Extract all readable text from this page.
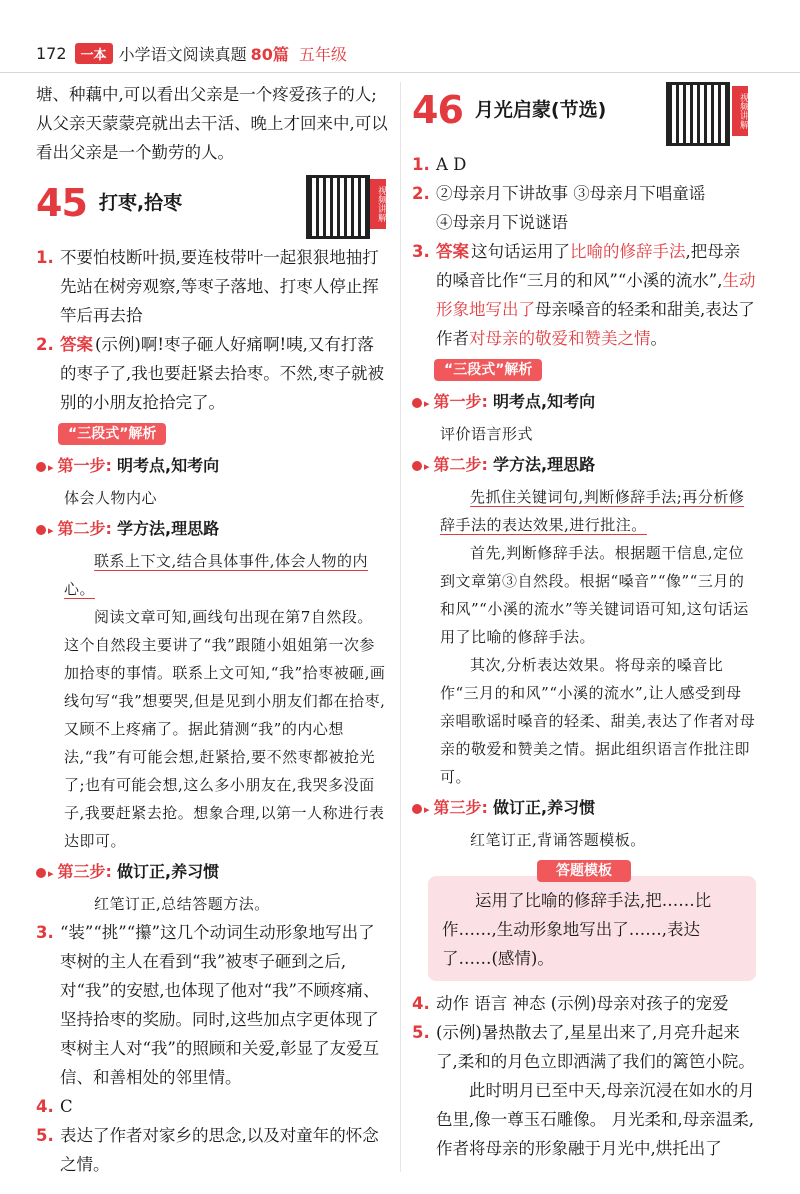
172	一本 小学语文阅读真题 80篇 五年级

塘、种藕中,可以看出父亲是一个疼爱孩子的人;从父亲天蒙蒙亮就出去干活、晚上才回来中,可以看出父亲是一个勤劳的人。

45 打枣,拾枣	视频讲解
1. 不要怕枝断叶损,要连枝带叶一起狠狠地抽打 先站在树旁观察,等枣子落地、打枣人停止挥竿后再去拾
2. 答案 (示例)啊!枣子砸人好痛啊!咦,又有打落的枣子了,我也要赶紧去拾枣。不然,枣子就被别的小朋友抢拾完了。
“三段式”解析
▸ 第一步: 明考点,知考向
体会人物内心
▸ 第二步: 学方法,理思路
联系上下文,结合具体事件,体会人物的内心。
阅读文章可知,画线句出现在第7自然段。这个自然段主要讲了“我”跟随小姐姐第一次参加拾枣的事情。联系上文可知,“我”拾枣被砸,画线句写“我”想要哭,但是见到小朋友们都在拾枣,又顾不上疼痛了。据此猜测“我”的内心想法,“我”有可能会想,赶紧拾,要不然枣都被抢光了;也有可能会想,这么多小朋友在,我哭多没面子,我要赶紧去抢。想象合理,以第一人称进行表达即可。
▸ 第三步: 做订正,养习惯
红笔订正,总结答题方法。
3. “装”“挑”“攥”这几个动词生动形象地写出了枣树的主人在看到“我”被枣子砸到之后,对“我”的安慰,也体现了他对“我”不顾疼痛、坚持拾枣的奖励。同时,这些加点字更体现了枣树主人对“我”的照顾和关爱,彰显了友爱互信、和善相处的邻里情。
4. C
5. 表达了作者对家乡的思念,以及对童年的怀念之情。
46 月光启蒙(节选)	视频讲解
1. A D
2. ②母亲月下讲故事 ③母亲月下唱童谣
④母亲月下说谜语
3. 答案 这句话运用了比喻的修辞手法,把母亲的嗓音比作“三月的和风”“小溪的流水”,生动形象地写出了母亲嗓音的轻柔和甜美,表达了作者对母亲的敬爱和赞美之情。
“三段式”解析
▸ 第一步: 明考点,知考向
评价语言形式
▸ 第二步: 学方法,理思路
先抓住关键词句,判断修辞手法;再分析修辞手法的表达效果,进行批注。
首先,判断修辞手法。根据题干信息,定位到文章第③自然段。根据“嗓音”“像”“三月的和风”“小溪的流水”等关键词语可知,这句话运用了比喻的修辞手法。
其次,分析表达效果。将母亲的嗓音比作“三月的和风”“小溪的流水”,让人感受到母亲唱歌谣时嗓音的轻柔、甜美,表达了作者对母亲的敬爱和赞美之情。据此组织语言作批注即可。
▸ 第三步: 做订正,养习惯
红笔订正,背诵答题模板。
答题模板
运用了比喻的修辞手法,把……比作……,生动形象地写出了……,表达了……(感情)。
4. 动作 语言 神态 (示例)母亲对孩子的宠爱
5. (示例)暑热散去了,星星出来了,月亮升起来了,柔和的月色立即洒满了我们的篱笆小院。
此时明月已至中天,母亲沉浸在如水的月色里,像一尊玉石雕像。 月光柔和,母亲温柔,作者将母亲的形象融于月光中,烘托出了
